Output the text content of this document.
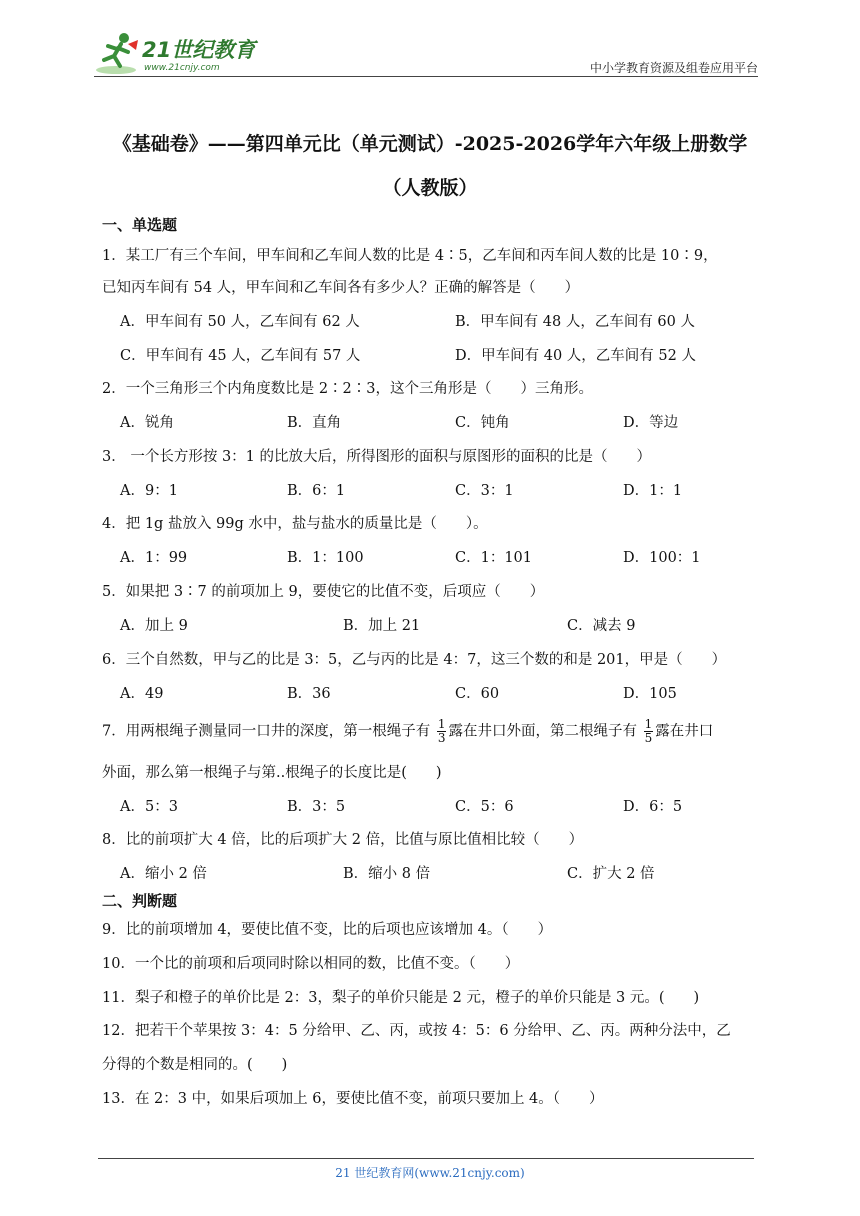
21世纪教育
www.21cnjy.com	中小学教育资源及组卷应用平台
《基础卷》——第四单元比（单元测试）-2025-2026学年六年级上册数学
（人教版）
一、单选题
1．某工厂有三个车间，甲车间和乙车间人数的比是 4∶5，乙车间和丙车间人数的比是 10∶9，
已知丙车间有 54 人，甲车间和乙车间各有多少人？正确的解答是（　　）
A．甲车间有 50 人，乙车间有 62 人	B．甲车间有 48 人，乙车间有 60 人
C．甲车间有 45 人，乙车间有 57 人	D．甲车间有 40 人，乙车间有 52 人
2．一个三角形三个内角度数比是 2∶2∶3，这个三角形是（　　）三角形。
A．锐角	B．直角	C．钝角	D．等边
3． 一个长方形按 3：1 的比放大后，所得图形的面积与原图形的面积的比是（　　）
A．9：1	B．6：1	C．3：1	D．1：1
4．把 1g 盐放入 99g 水中，盐与盐水的质量比是（　　）。
A．1：99	B．1：100	C．1：101	D．100：1
5．如果把 3∶7 的前项加上 9，要使它的比值不变，后项应（　　）
A．加上 9	B．加上 21	C．减去 9
6．三个自然数，甲与乙的比是 3：5，乙与丙的比是 4：7，这三个数的和是 201，甲是（　　）
A．49	B．36	C．60	D．105
7．用两根绳子测量同一口井的深度，第一根绳子有 $\frac{1}{3}$ 露在井口外面，第二根绳子有 $\frac{1}{5}$ 露在井口
外面，那么第一根绳子与第..根绳子的长度比是(　　)
A．5：3	B．3：5	C．5：6	D．6：5
8．比的前项扩大 4 倍，比的后项扩大 2 倍，比值与原比值相比较（　　）
A．缩小 2 倍	B．缩小 8 倍	C．扩大 2 倍
二、判断题
9．比的前项增加 4，要使比值不变，比的后项也应该增加 4。（　　）
10．一个比的前项和后项同时除以相同的数，比值不变。（　　）
11．梨子和橙子的单价比是 2：3，梨子的单价只能是 2 元，橙子的单价只能是 3 元。(　　)
12．把若干个苹果按 3：4：5 分给甲、乙、丙，或按 4：5：6 分给甲、乙、丙。两种分法中，乙
分得的个数是相同的。(　　)
13．在 2：3 中，如果后项加上 6，要使比值不变，前项只要加上 4。（　　）
21 世纪教育网(www.21cnjy.com)
